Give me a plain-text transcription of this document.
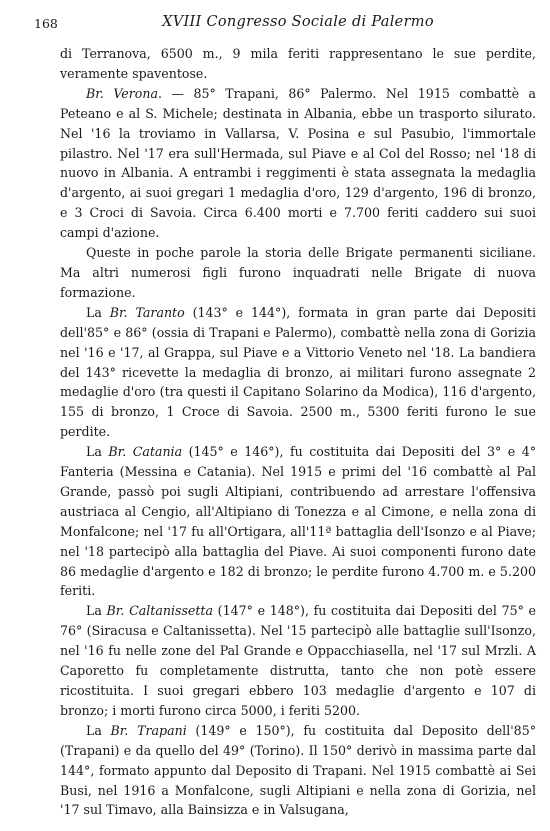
168	XVIII Congresso Sociale di Palermo

di Terranova, 6500 m., 9 mila feriti rappresentano le sue perdite, veramente spaventose.

Br. Verona. — 85° Trapani, 86° Palermo. Nel 1915 combattè a Peteano e al S. Michele; destinata in Albania, ebbe un trasporto silurato. Nel '16 la troviamo in Vallarsa, V. Posina e sul Pasubio, l'immortale pilastro. Nel '17 era sull'Hermada, sul Piave e al Col del Rosso; nel '18 di nuovo in Albania. A entrambi i reggimenti è stata assegnata la medaglia d'argento, ai suoi gregari 1 medaglia d'oro, 129 d'argento, 196 di bronzo, e 3 Croci di Savoia. Circa 6.400 morti e 7.700 feriti caddero sui suoi campi d'azione.

Queste in poche parole la storia delle Brigate permanenti siciliane. Ma altri numerosi figli furono inquadrati nelle Brigate di nuova formazione.

La Br. Taranto (143° e 144°), formata in gran parte dai Depositi dell'85° e 86° (ossia di Trapani e Palermo), combattè nella zona di Gorizia nel '16 e '17, al Grappa, sul Piave e a Vittorio Veneto nel '18. La bandiera del 143° ricevette la medaglia di bronzo, ai militari furono assegnate 2 medaglie d'oro (tra questi il Capitano Solarino da Modica), 116 d'argento, 155 di bronzo, 1 Croce di Savoia. 2500 m., 5300 feriti furono le sue perdite.

La Br. Catania (145° e 146°), fu costituita dai Depositi del 3° e 4° Fanteria (Messina e Catania). Nel 1915 e primi del '16 combattè al Pal Grande, passò poi sugli Altipiani, contribuendo ad arrestare l'offensiva austriaca al Cengio, all'Altipiano di Tonezza e al Cimone, e nella zona di Monfalcone; nel '17 fu all'Ortigara, all'11ª battaglia dell'Isonzo e al Piave; nel '18 partecipò alla battaglia del Piave. Ai suoi componenti furono date 86 medaglie d'argento e 182 di bronzo; le perdite furono 4.700 m. e 5.200 feriti.

La Br. Caltanissetta (147° e 148°), fu costituita dai Depositi del 75° e 76° (Siracusa e Caltanissetta). Nel '15 partecipò alle battaglie sull'Isonzo, nel '16 fu nelle zone del Pal Grande e Oppacchiasella, nel '17 sul Mrzli. A Caporetto fu completamente distrutta, tanto che non potè essere ricostituita. I suoi gregari ebbero 103 medaglie d'argento e 107 di bronzo; i morti furono circa 5000, i feriti 5200.

La Br. Trapani (149° e 150°), fu costituita dal Deposito dell'85° (Trapani) e da quello del 49° (Torino). Il 150° derivò in massima parte dal 144°, formato appunto dal Deposito di Trapani. Nel 1915 combattè ai Sei Busi, nel 1916 a Monfalcone, sugli Altipiani e nella zona di Gorizia, nel '17 sul Timavo, alla Bainsizza e in Valsugana,
